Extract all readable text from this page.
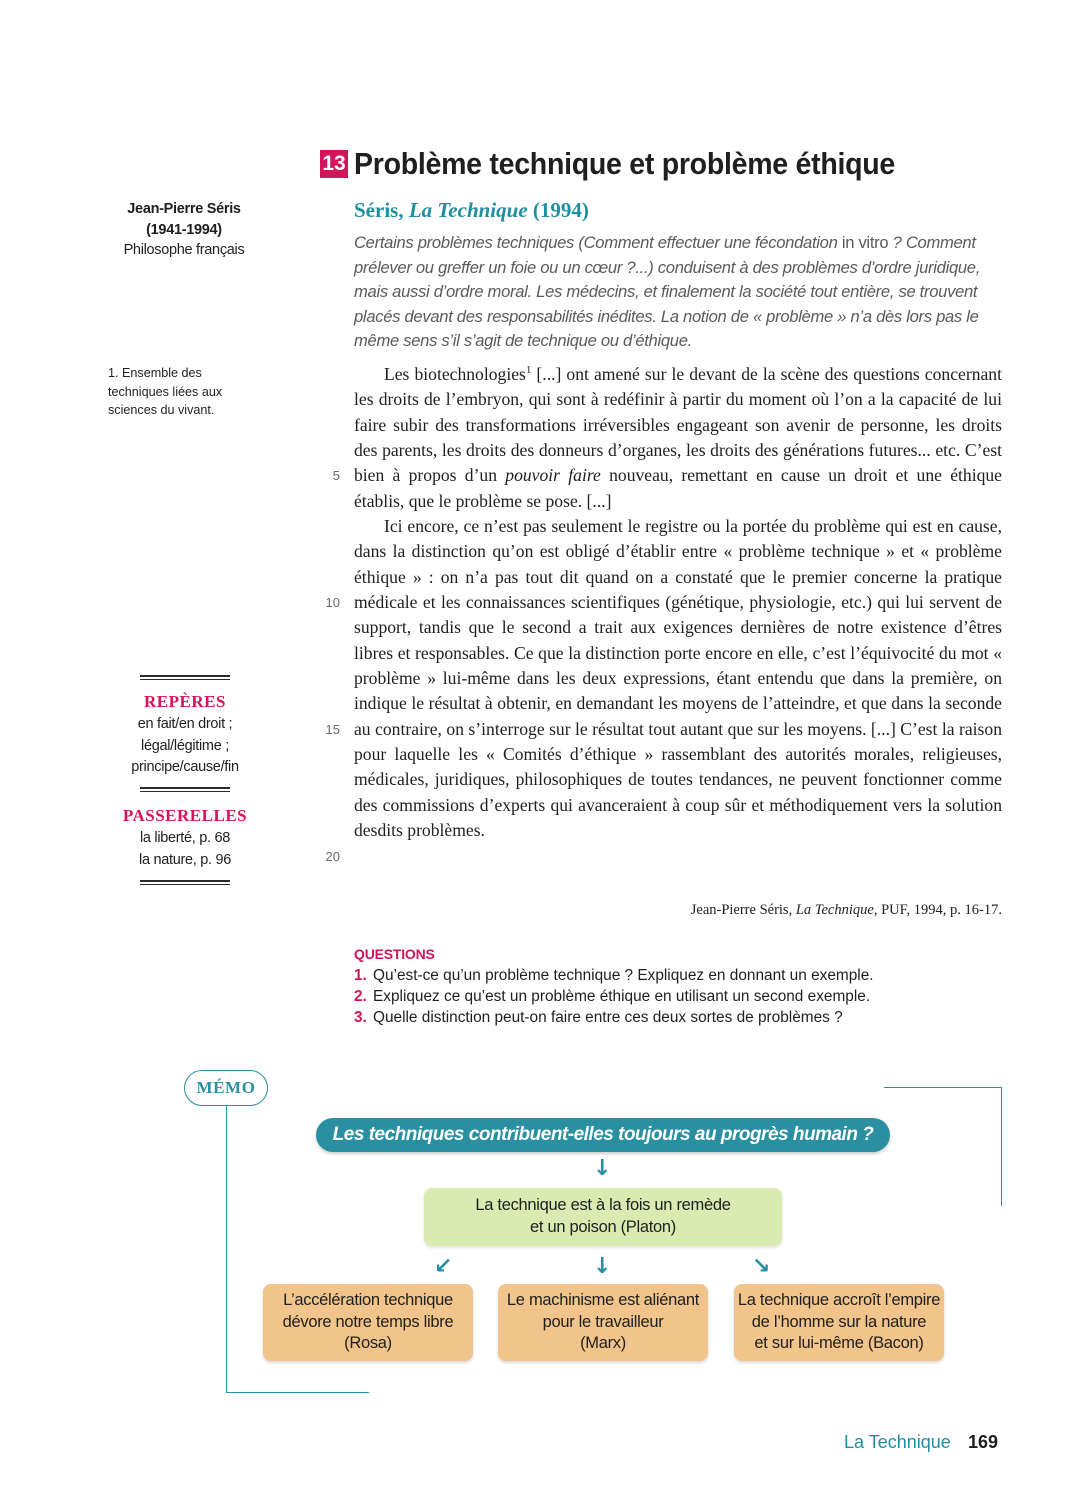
13 Problème technique et problème éthique
Séris, La Technique (1994)
Certains problèmes techniques (Comment effectuer une fécondation in vitro ? Comment prélever ou greffer un foie ou un cœur ?...) conduisent à des problèmes d’ordre juridique, mais aussi d’ordre moral. Les médecins, et finalement la société tout entière, se trouvent placés devant des responsabilités inédites. La notion de « problème » n’a dès lors pas le même sens s’il s’agit de technique ou d’éthique.
Jean-Pierre Séris
(1941-1994)
Philosophe français
1. Ensemble des techniques liées aux sciences du vivant.

Les biotechnologies$^1$ [...] ont amené sur le devant de la scène des questions concernant les droits de l’embryon, qui sont à redéfinir à partir du moment où l’on a la capacité de lui faire subir des transformations irréversibles engageant son avenir de personne, les droits des parents, les droits des donneurs d’organes, les droits des générations futures... etc. C’est bien à propos d’un pouvoir faire nouveau, remettant en cause un droit et une éthique établis, que le problème se pose. [...]

Ici encore, ce n’est pas seulement le registre ou la portée du problème qui est en cause, dans la distinction qu’on est obligé d’établir entre « problème technique » et « problème éthique » : on n’a pas tout dit quand on a constaté que le premier concerne la pratique médicale et les connaissances scientifiques (génétique, physiologie, etc.) qui lui servent de support, tandis que le second a trait aux exigences dernières de notre existence d’êtres libres et responsables. Ce que la distinction porte encore en elle, c’est l’équivocité du mot « problème » lui-même dans les deux expressions, étant entendu que dans la première, on indique le résultat à obtenir, en demandant les moyens de l’atteindre, et que dans la seconde au contraire, on s’interroge sur le résultat tout autant que sur les moyens. [...] C’est la raison pour laquelle les « Comités d’éthique » rassemblant des autorités morales, religieuses, médicales, juridiques, philosophiques de toutes tendances, ne peuvent fonctionner comme des commissions d’experts qui avanceraient à coup sûr et méthodiquement vers la solution desdits problèmes.

5
10
15
20
Jean-Pierre Séris, La Technique, PUF, 1994, p. 16-17.
QUESTIONS
1. Qu’est-ce qu’un problème technique ? Expliquez en donnant un exemple.
2. Expliquez ce qu’est un problème éthique en utilisant un second exemple.
3. Quelle distinction peut-on faire entre ces deux sortes de problèmes ?
REPÈRES
en fait/en droit ;
légal/légitime ;
principe/cause/fin
PASSERELLES
la liberté, p. 68
la nature, p. 96
MÉMO
Les techniques contribuent-elles toujours au progrès humain ?
↓
La technique est à la fois un remède
et un poison (Platon)
↙	↓	↘
L’accélération technique
dévore notre temps libre
(Rosa)
Le machinisme est aliénant
pour le travailleur
(Marx)
La technique accroît l’empire
de l’homme sur la nature
et sur lui-même (Bacon)
La Technique 169
